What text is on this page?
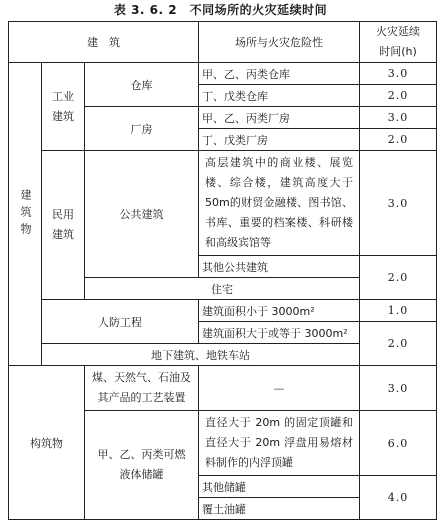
表 3. 6. 2　不同场所的火灾延续时间
建　筑			场所与火灾危险性	火灾延续
时间(h)

建筑物	工业建筑	仓库	甲、乙、丙类仓库	3.0
			丁、戊类仓库	2.0
		厂房	甲、乙、丙类厂房	3.0
			丁、戊类厂房	2.0

	民用建筑	公共建筑	高层建筑中的商业楼、展览楼、综合楼，建筑高度大于50m的财贸金融楼、图书馆、书库、重要的档案楼、科研楼和高级宾馆等	3.0
			其他公共建筑	2.0
		住宅		
	人防工程		建筑面积小于 3000m²	1.0
			建筑面积大于或等于 3000m²	2.0
	地下建筑、地铁车站			
构筑物		煤、天然气、石油及其产品的工艺装置	—	3.0
		甲、乙、丙类可燃液体储罐	直径大于 20m 的固定顶罐和直径大于 20m 浮盘用易熔材料制作的内浮顶罐	6.0
			其他储罐	4.0
			覆土油罐	
